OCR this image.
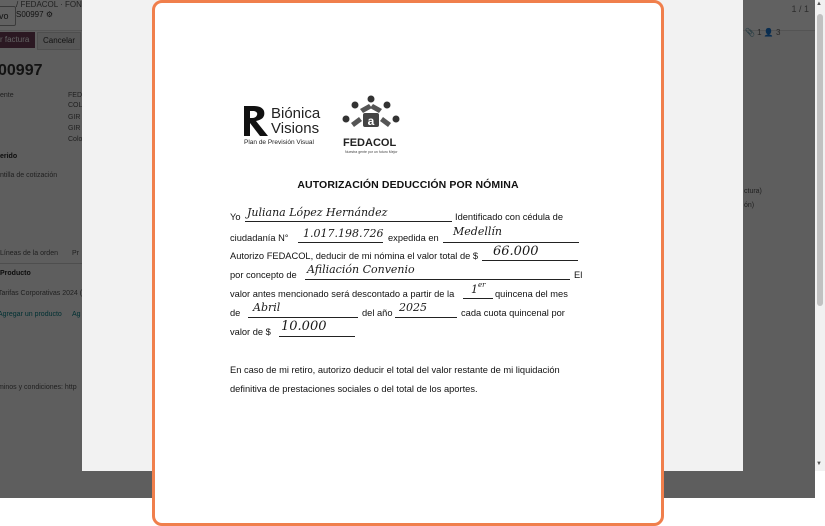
Biónica
Visions
Plan de Previsión Visual
a
FEDACOL
Nuestra gente por un futuro Mejor
AUTORIZACIÓN DEDUCCIÓN POR NÓMINA
Yo Juliana López Hernández	Identificado con cédula de
ciudadanía N° 1.017.198.726 expedida en Medellín
Autorizo FEDACOL, deducir de mi nómina el valor total de $ 66.000
por concepto de Afiliación Convenio	El
valor antes mencionado será descontado a partir de la 1 er
quincena del mes
de Abril	del año 2025	cada cuota quincenal por
valor de $ 10.000
En caso de mi retiro, autorizo deducir el total del valor restante de mi liquidación
definitiva de prestaciones sociales o del total de los aportes.
▲
▼
